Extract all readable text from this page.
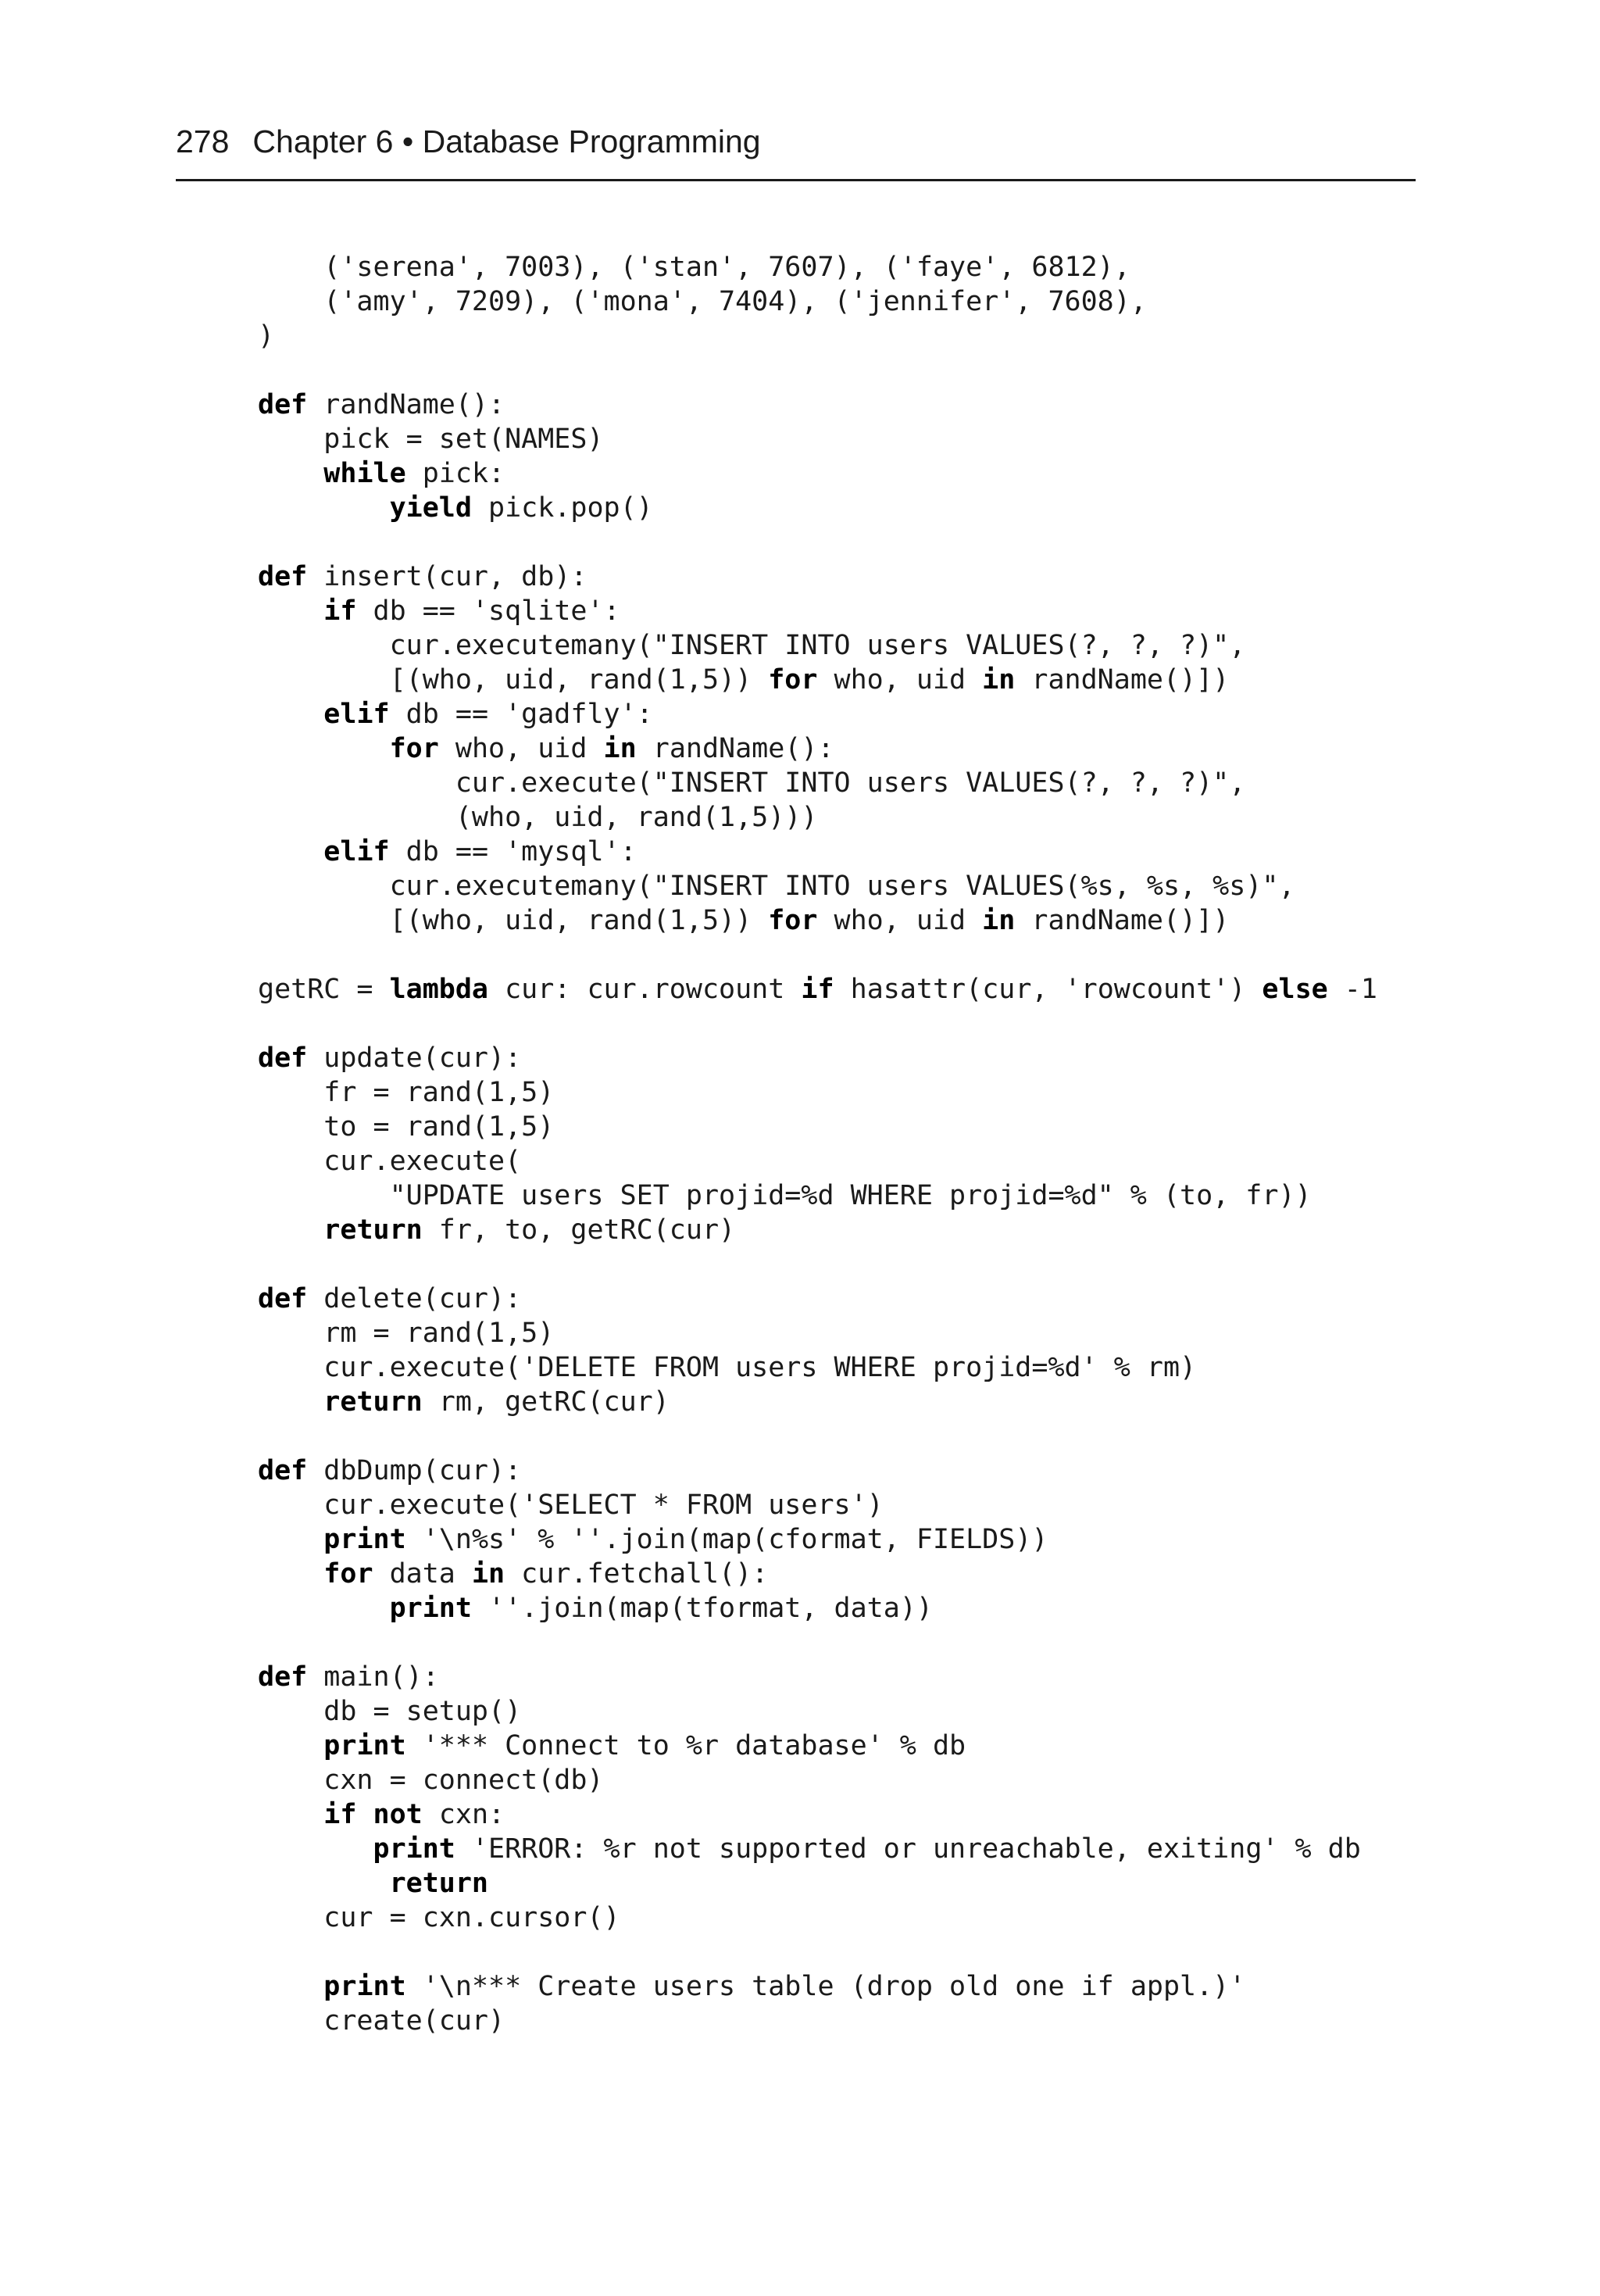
278 Chapter 6 • Database Programming
('serena', 7003), ('stan', 7607), ('faye', 6812),
('amy', 7209), ('mona', 7404), ('jennifer', 7608),
)

def randName():
pick = set(NAMES)
while pick:
yield pick.pop()

def insert(cur, db):
if db == 'sqlite':
cur.executemany("INSERT INTO users VALUES(?, ?, ?)",
[(who, uid, rand(1,5)) for who, uid in randName()])
elif db == 'gadfly':
for who, uid in randName():
cur.execute("INSERT INTO users VALUES(?, ?, ?)",
(who, uid, rand(1,5)))
elif db == 'mysql':
cur.executemany("INSERT INTO users VALUES(%s, %s, %s)",
[(who, uid, rand(1,5)) for who, uid in randName()])

getRC = lambda cur: cur.rowcount if hasattr(cur, 'rowcount') else -1

def update(cur):
fr = rand(1,5)
to = rand(1,5)
cur.execute(
"UPDATE users SET projid=%d WHERE projid=%d" % (to, fr))
return fr, to, getRC(cur)

def delete(cur):
rm = rand(1,5)
cur.execute('DELETE FROM users WHERE projid=%d' % rm)
return rm, getRC(cur)

def dbDump(cur):
cur.execute('SELECT * FROM users')
print '\n%s' % ''.join(map(cformat, FIELDS))
for data in cur.fetchall():
print ''.join(map(tformat, data))

def main():
db = setup()
print '*** Connect to %r database' % db
cxn = connect(db)
if not cxn:
print 'ERROR: %r not supported or unreachable, exiting' % db
return
cur = cxn.cursor()

print '\n*** Create users table (drop old one if appl.)'
create(cur)
